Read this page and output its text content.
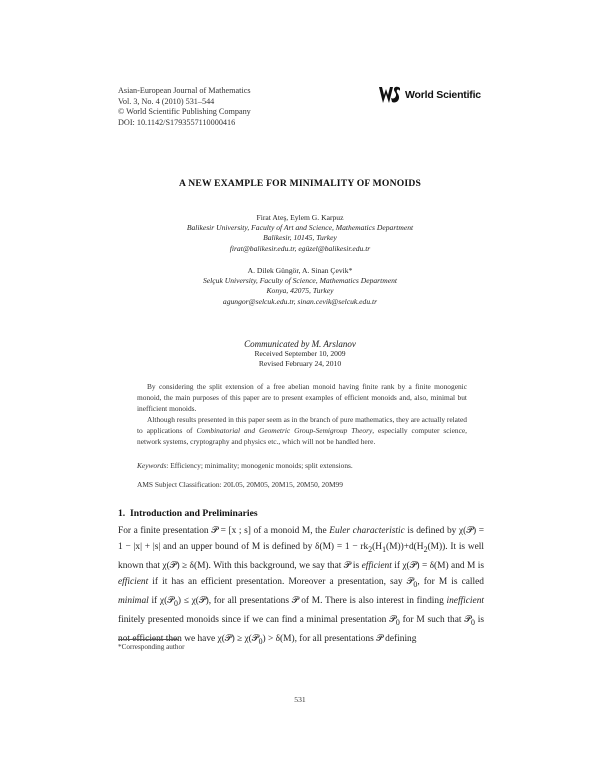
Asian-European Journal of Mathematics
Vol. 3, No. 4 (2010) 531–544
© World Scientific Publishing Company
DOI: 10.1142/S1793557110000416
World Scientific
A NEW EXAMPLE FOR MINIMALITY OF MONOIDS
Firat Ateş, Eylem G. Karpuz
Balikesir University, Faculty of Art and Science, Mathematics Department
Balikesir, 10145, Turkey
firat@balikesir.edu.tr, egüzel@balikesir.edu.tr
A. Dilek Güngör, A. Sinan Çevik*
Selçuk University, Faculty of Science, Mathematics Department
Konya, 42075, Turkey
agungor@selcuk.edu.tr, sinan.cevik@selcuk.edu.tr
Communicated by M. Arslanov
Received September 10, 2009
Revised February 24, 2010

By considering the split extension of a free abelian monoid having finite rank by a finite monogenic monoid, the main purposes of this paper are to present examples of efficient monoids and, also, minimal but inefficient monoids.

Although results presented in this paper seem as in the branch of pure mathematics, they are actually related to applications of Combinatorial and Geometric Group-Semigroup Theory, especially computer science, network systems, cryptography and physics etc., which will not be handled here.

Keywords: Efficiency; minimality; monogenic monoids; split extensions.
AMS Subject Classification: 20L05, 20M05, 20M15, 20M50, 20M99
1. Introduction and Preliminaries
For a finite presentation 𝒫 = [x ; s] of a monoid M, the Euler characteristic is defined by χ(𝒫) = 1 − |x| + |s| and an upper bound of M is defined by $\delta(M) = 1 - rk_2(H_1(M))+d(H_2(M))$. It is well known that χ(𝒫) ≥ δ(M). With this background, we say that 𝒫 is efficient if χ(𝒫) = δ(M) and M is efficient if it has an efficient presentation. Moreover a presentation, say 𝒫$_0$, for M is called minimal if χ(𝒫$_0$) ≤ χ(𝒫), for all presentations 𝒫 of M. There is also interest in finding inefficient finitely presented monoids since if we can find a minimal presentation 𝒫$_0$ for M such that 𝒫$_0$ is not efficient then we have χ(𝒫) ≥ χ(𝒫$_0$) > δ(M), for all presentations 𝒫 defining
*Corresponding author
531
